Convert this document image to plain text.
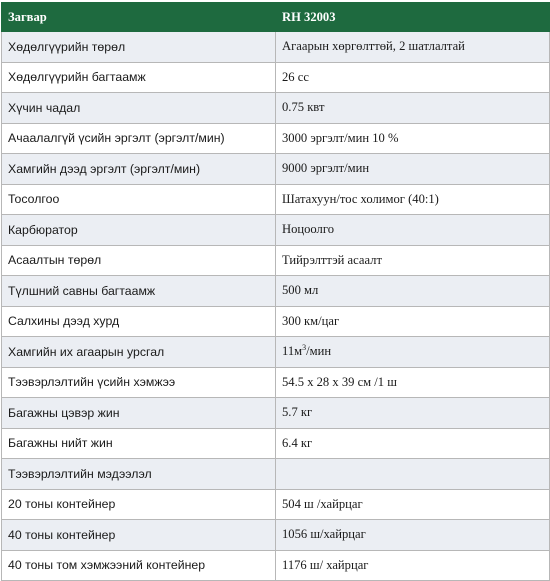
Загвар	RH 32003
Хөдөлгүүрийн төрөл	Агаарын хөргөлттөй, 2 шатлалтай
Хөдөлгүүрийн багтаамж	26 cc
Хүчин чадал	0.75 квт
Ачаалалгүй үсийн эргэлт (эргэлт/мин)	3000 эргэлт/мин 10 %
Хамгийн дээд эргэлт (эргэлт/мин)	9000 эргэлт/мин
Тосолгоо	Шатахуун/тос холимог (40:1)
Карбюратор	Ноцоолго
Асаалтын төрөл	Тийрэлттэй асаалт
Түлшний савны багтаамж	500 мл
Салхины дээд хурд	300 км/цаг
Хамгийн их агаарын урсгал	$11м^3$/мин
Тээвэрлэлтийн үсийн хэмжээ	54.5 x 28 x 39 см /1 ш
Багажны цэвэр жин	5.7 кг
Багажны нийт жин	6.4 кг
Тээвэрлэлтийн мэдээлэл	
20 тоны контейнер	504 ш /хайрцаг
40 тоны контейнер	1056 ш/хайрцаг
40 тоны том хэмжээний контейнер	1176 ш/ хайрцаг
